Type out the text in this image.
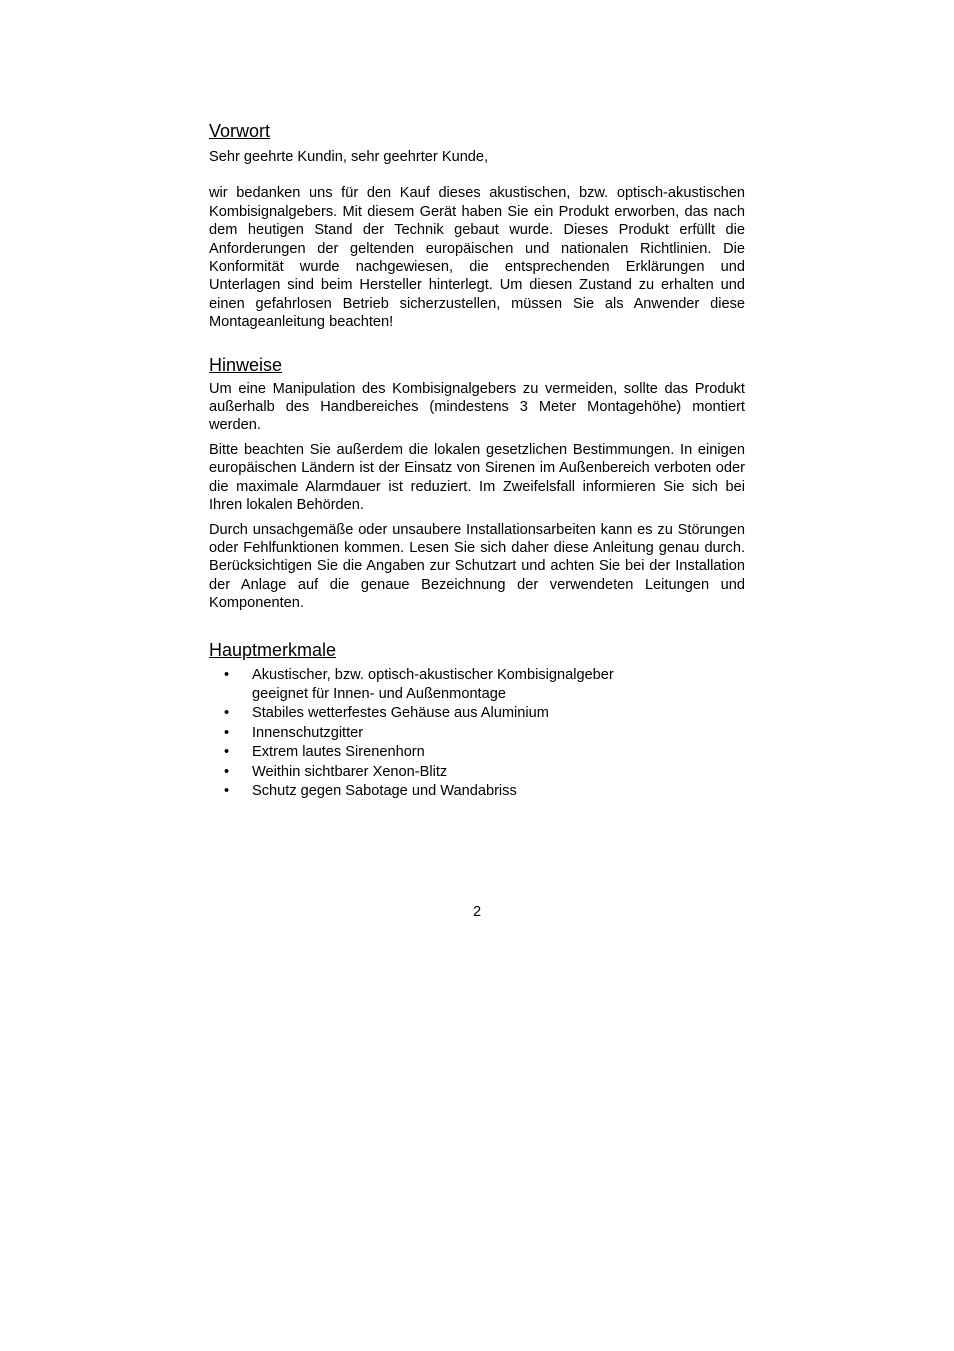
Vorwort

Sehr geehrte Kundin, sehr geehrter Kunde,

wir bedanken uns für den Kauf dieses akustischen, bzw. optisch-akustischen Kombisignalgebers. Mit diesem Gerät haben Sie ein Produkt erworben, das nach dem heutigen Stand der Technik gebaut wurde. Dieses Produkt erfüllt die Anforderungen der geltenden europäischen und nationalen Richtlinien. Die Konformität wurde nachgewiesen, die entsprechenden Erklärungen und Unterlagen sind beim Hersteller hinterlegt. Um diesen Zustand zu erhalten und einen gefahrlosen Betrieb sicherzustellen, müssen Sie als Anwender diese Montageanleitung beachten!

Hinweise

Um eine Manipulation des Kombisignalgebers zu vermeiden, sollte das Produkt außerhalb des Handbereiches (mindestens 3 Meter Montagehöhe) montiert werden.

Bitte beachten Sie außerdem die lokalen gesetzlichen Bestimmungen. In einigen europäischen Ländern ist der Einsatz von Sirenen im Außenbereich verboten oder die maximale Alarmdauer ist reduziert. Im Zweifelsfall informieren Sie sich bei Ihren lokalen Behörden.

Durch unsachgemäße oder unsaubere Installationsarbeiten kann es zu Störungen oder Fehlfunktionen kommen. Lesen Sie sich daher diese Anleitung genau durch. Berücksichtigen Sie die Angaben zur Schutzart und achten Sie bei der Installation der Anlage auf die genaue Bezeichnung der verwendeten Leitungen und Komponenten.

Hauptmerkmale
• Akustischer, bzw. optisch-akustischer Kombisignalgeber
geeignet für Innen- und Außenmontage
• Stabiles wetterfestes Gehäuse aus Aluminium
• Innenschutzgitter
• Extrem lautes Sirenenhorn
• Weithin sichtbarer Xenon-Blitz
• Schutz gegen Sabotage und Wandabriss
2
